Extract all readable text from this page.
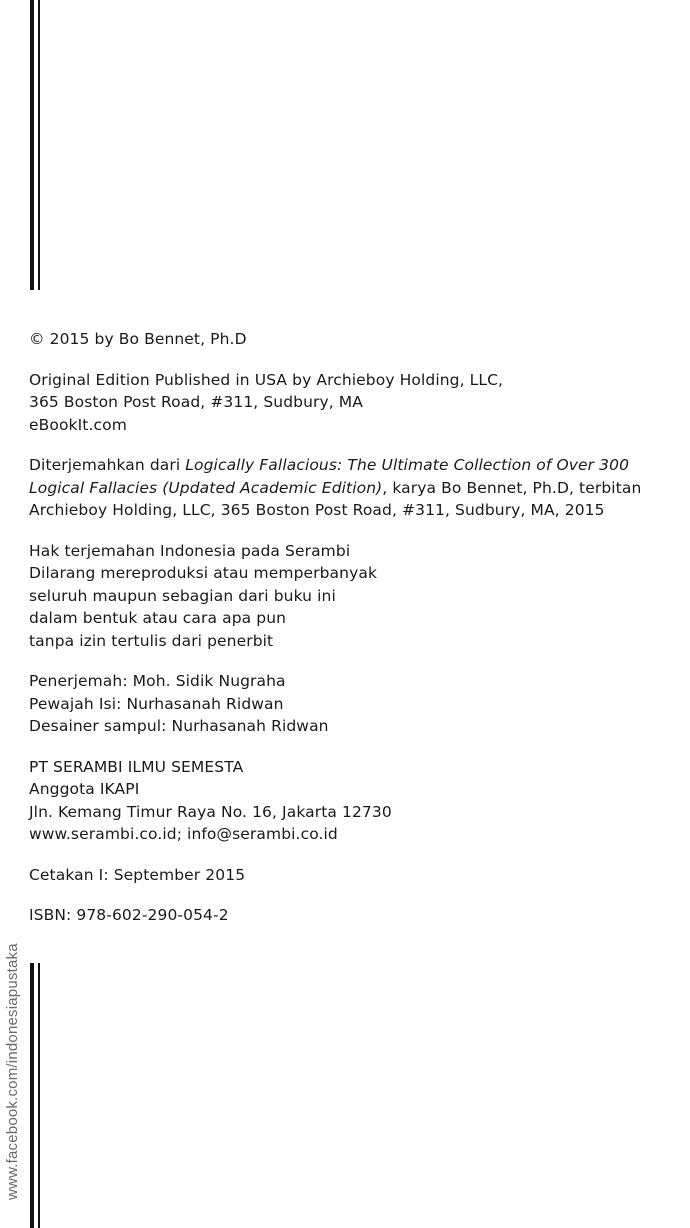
© 2015 by Bo Bennet, Ph.D
Original Edition Published in USA by Archieboy Holding, LLC,
365 Boston Post Road, #311, Sudbury, MA
eBookIt.com
Diterjemahkan dari Logically Fallacious: The Ultimate Collection of Over 300
Logical Fallacies (Updated Academic Edition), karya Bo Bennet, Ph.D, terbitan
Archieboy Holding, LLC, 365 Boston Post Road, #311, Sudbury, MA, 2015
Hak terjemahan Indonesia pada Serambi
Dilarang mereproduksi atau memperbanyak
seluruh maupun sebagian dari buku ini
dalam bentuk atau cara apa pun
tanpa izin tertulis dari penerbit
Penerjemah: Moh. Sidik Nugraha
Pewajah Isi: Nurhasanah Ridwan
Desainer sampul: Nurhasanah Ridwan
PT SERAMBI ILMU SEMESTA
Anggota IKAPI
Jln. Kemang Timur Raya No. 16, Jakarta 12730
www.serambi.co.id; info@serambi.co.id
Cetakan I: September 2015
ISBN: 978-602-290-054-2
www.facebook.com/indonesiapustaka
